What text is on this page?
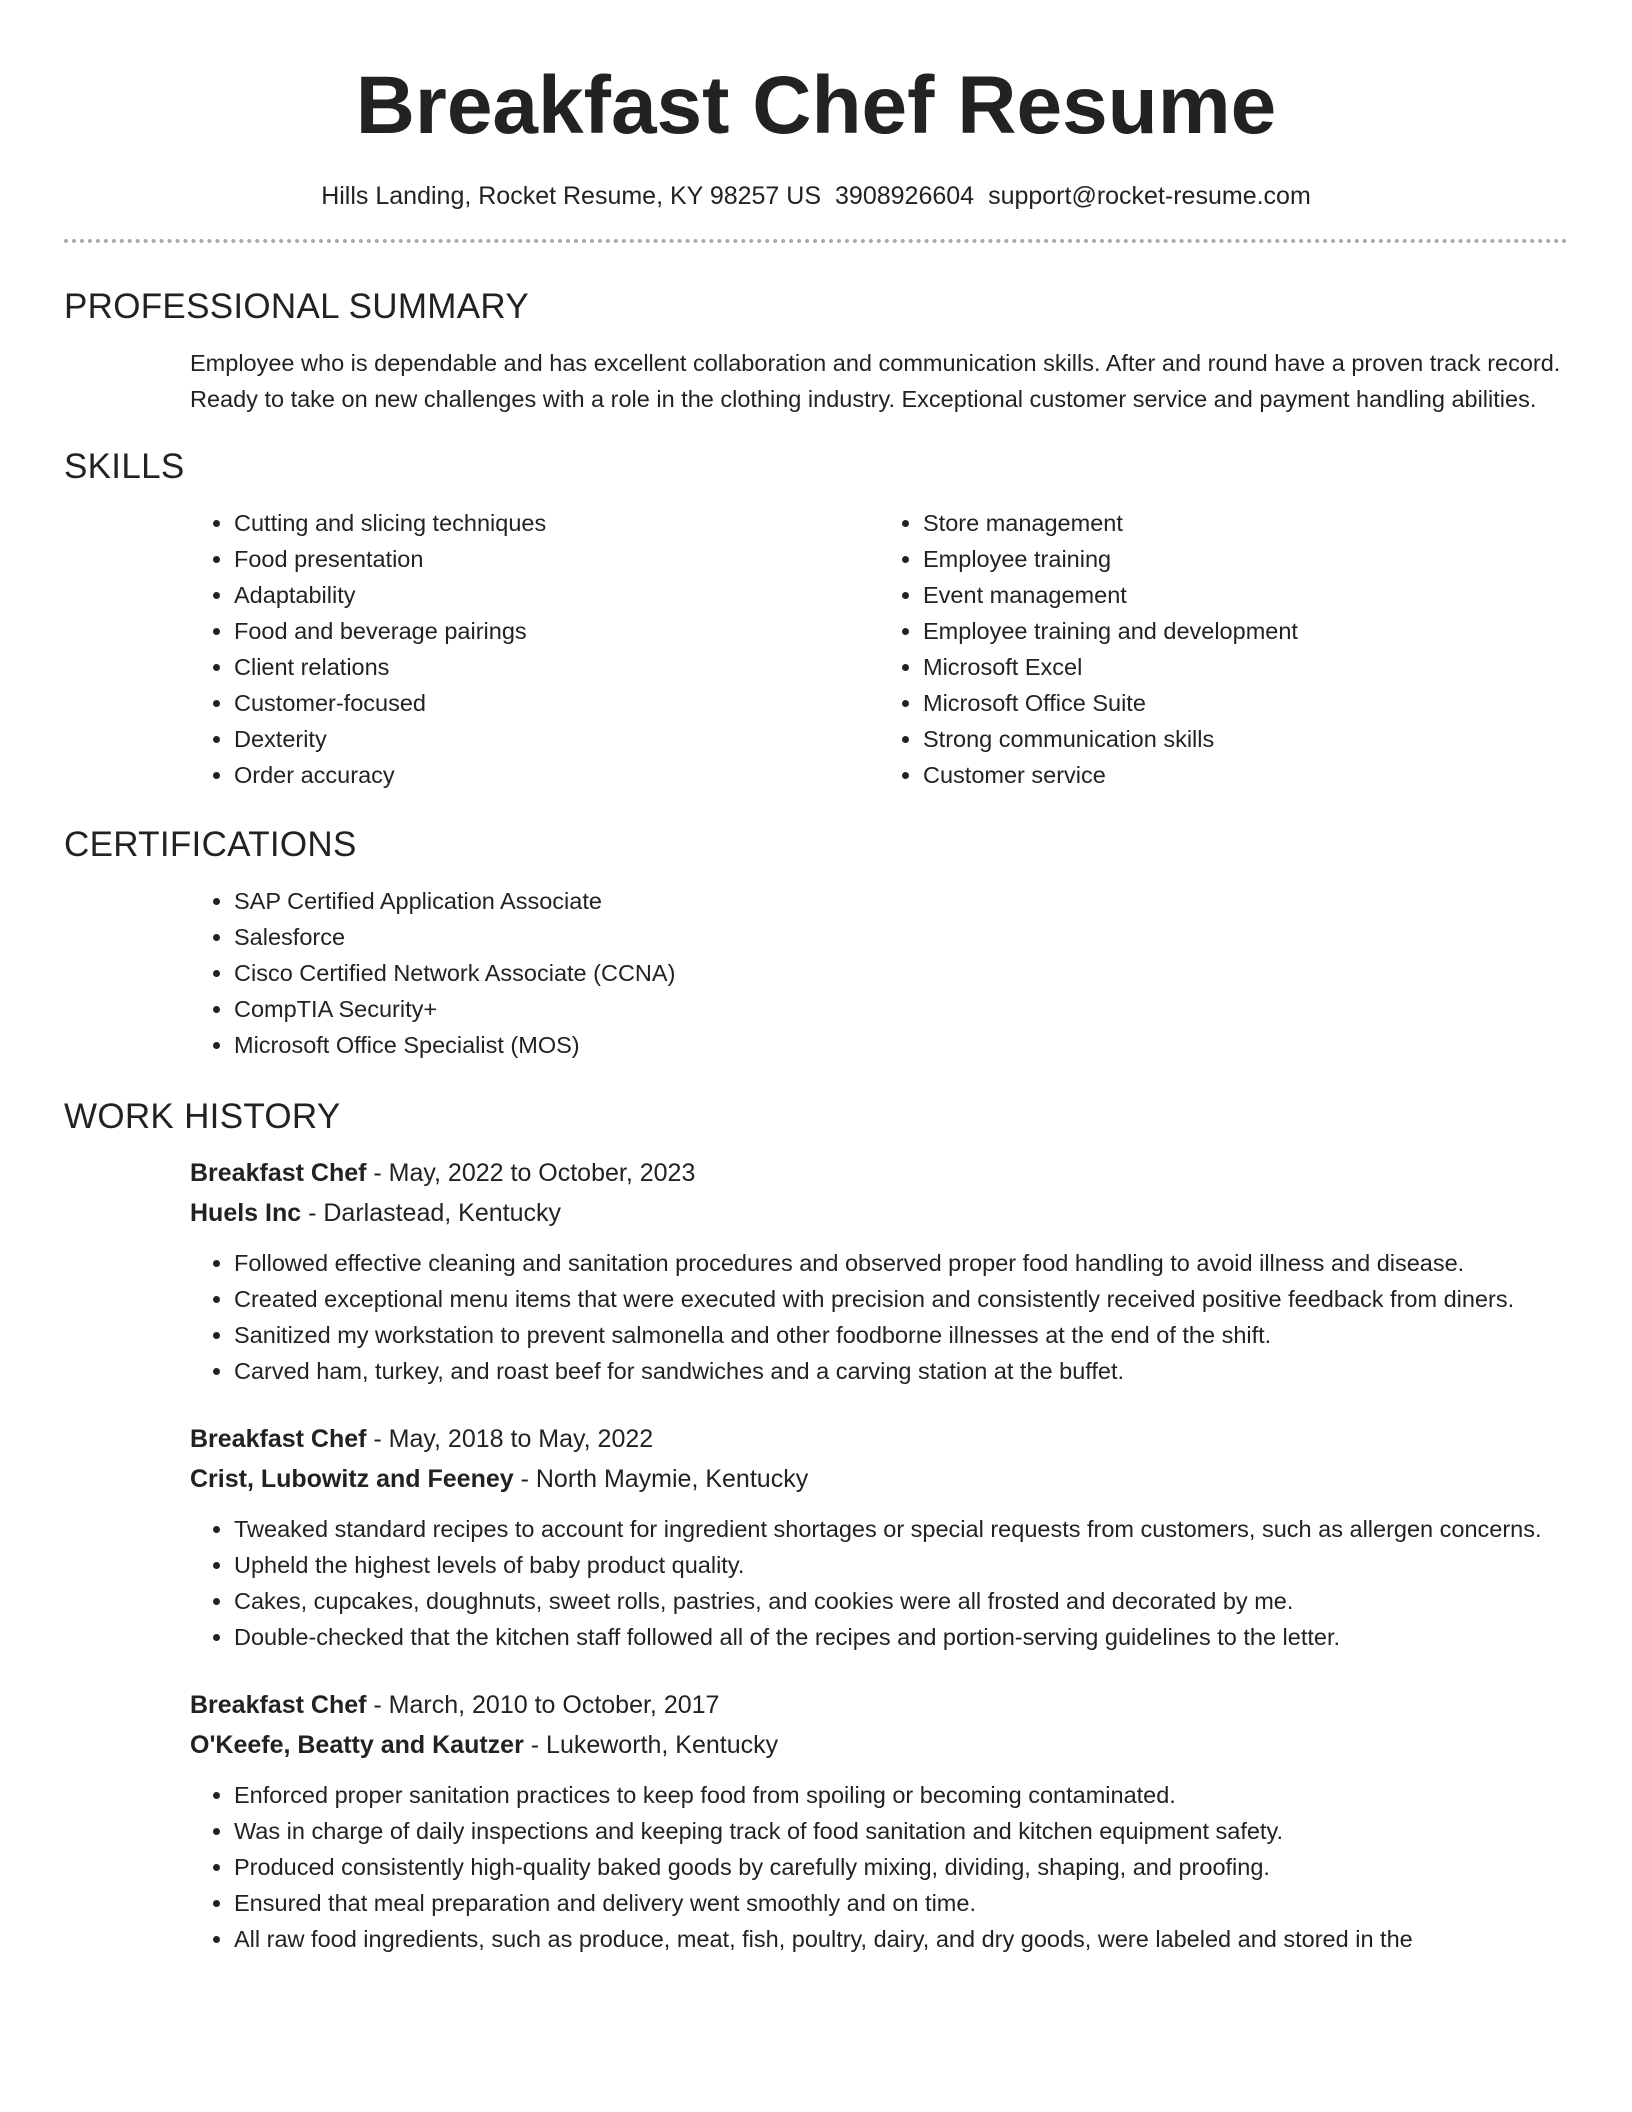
Breakfast Chef Resume
Hills Landing, Rocket Resume, KY 98257 US 3908926604 support@rocket-resume.com
PROFESSIONAL SUMMARY

Employee who is dependable and has excellent collaboration and communication skills. After and round have a proven track record. Ready to take on new challenges with a role in the clothing industry. Exceptional customer service and payment handling abilities.

SKILLS
• Cutting and slicing techniques
• Food presentation
• Adaptability
• Food and beverage pairings
• Client relations
• Customer-focused
• Dexterity
• Order accuracy
• Store management
• Employee training
• Event management
• Employee training and development
• Microsoft Excel
• Microsoft Office Suite
• Strong communication skills
• Customer service
CERTIFICATIONS
• SAP Certified Application Associate
• Salesforce
• Cisco Certified Network Associate (CCNA)
• CompTIA Security+
• Microsoft Office Specialist (MOS)
WORK HISTORY
Breakfast Chef - May, 2022 to October, 2023
Huels Inc - Darlastead, Kentucky
• Followed effective cleaning and sanitation procedures and observed proper food handling to avoid illness and disease.
• Created exceptional menu items that were executed with precision and consistently received positive feedback from diners.
• Sanitized my workstation to prevent salmonella and other foodborne illnesses at the end of the shift.
• Carved ham, turkey, and roast beef for sandwiches and a carving station at the buffet.
Breakfast Chef - May, 2018 to May, 2022
Crist, Lubowitz and Feeney - North Maymie, Kentucky
• Tweaked standard recipes to account for ingredient shortages or special requests from customers, such as allergen concerns.
• Upheld the highest levels of baby product quality.
• Cakes, cupcakes, doughnuts, sweet rolls, pastries, and cookies were all frosted and decorated by me.
• Double-checked that the kitchen staff followed all of the recipes and portion-serving guidelines to the letter.
Breakfast Chef - March, 2010 to October, 2017
O'Keefe, Beatty and Kautzer - Lukeworth, Kentucky
• Enforced proper sanitation practices to keep food from spoiling or becoming contaminated.
• Was in charge of daily inspections and keeping track of food sanitation and kitchen equipment safety.
• Produced consistently high-quality baked goods by carefully mixing, dividing, shaping, and proofing.
• Ensured that meal preparation and delivery went smoothly and on time.
• All raw food ingredients, such as produce, meat, fish, poultry, dairy, and dry goods, were labeled and stored in the
